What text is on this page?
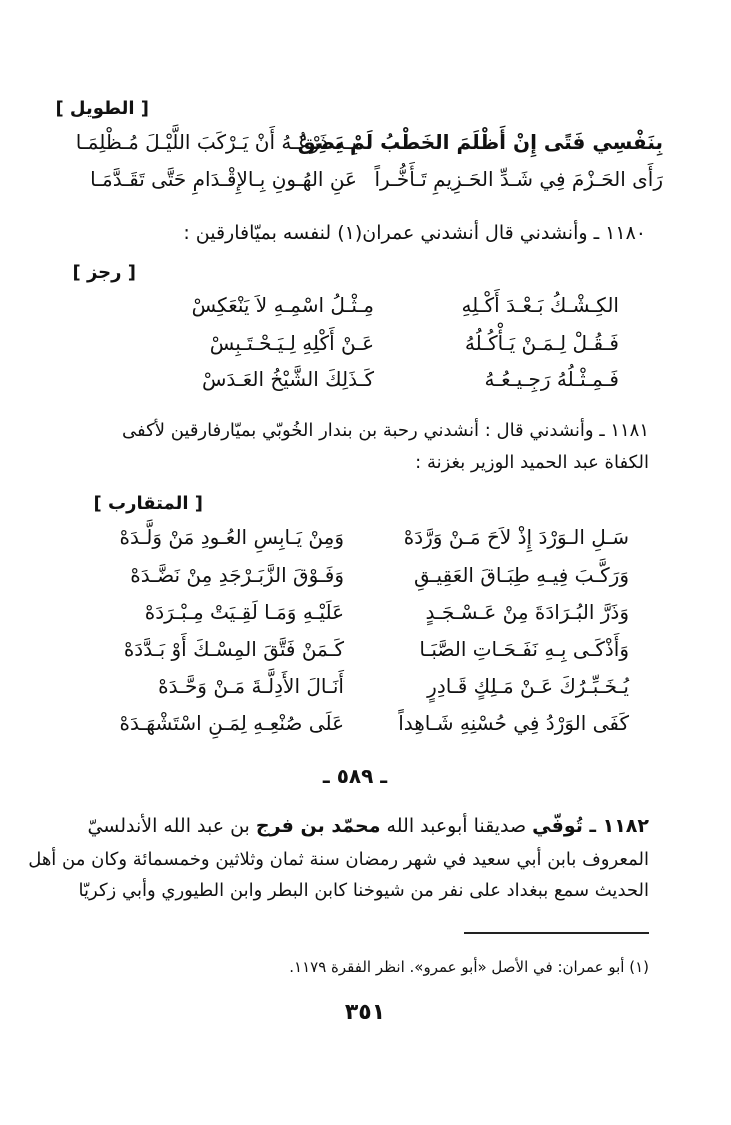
[ الطويل ]
بِنَفْسِي فَتًى إِنْ أَظْلَمَ الخَطْبُ لَمْ يَضِقْ
بِـهِ ذَرْعُـهُ أَنْ يَـرْكَبَ اللَّيْـلَ مُـظْلِمَـا
رَأَى الحَـزْمَ فِي شَـدِّ الحَـزِيمِ تَـأَخُّـراً
عَنِ الهُـونِ بِـالإِقْـدَامِ حَتَّى تَقَـدَّمَـا
١١٨٠ ـ وأنشدني قال أنشدني عمران(١) لنفسه بميّافارقين :
[ رجز ]
الكِـشْـكُ بَـعْـدَ أَكْـلِهِ
مِـثْـلُ اسْمِـهِ لاَ يَنْعَكِسْ
فَـقُـلْ لِـمَـنْ يَـأْكُـلُهُ
عَـنْ أَكْلِهِ لِـيَـحْـتَـبِسْ
فَـمِـثْـلُهُ رَجِـيـعُـهُ
كَـذَلِكَ الشَّيْخُ العَـدَسْ
١١٨١ ـ وأنشدني قال : أنشدني رحبة بن بندار الخُوبّي بميّارفارقين لأكفى
الكفاة عبد الحميد الوزير بغزنة :
[ المتقارب ]
سَـلِ الـوَرْدَ إِذْ لاَحَ مَـنْ وَرَّدَهْ
وَمِنْ يَـابِسِ العُـودِ مَنْ وَلَّـدَهْ
وَرَكَّـبَ فِيـهِ طِبَـاقَ العَقِيـقِ
وَفَـوْقَ الزَّبَـرْجَدِ مِنْ نَضَّـدَهْ
وَذَرَّ البُـرَادَةَ مِنْ عَـسْـجَـدٍ
عَلَيْـهِ وَمَـا لَقِـيَتْ مِـبْـرَدَهْ
وَأَذْكَـى بِـهِ نَفَـحَـاتِ الصَّبَـا
كَـمَنْ فَتَّقَ المِسْـكَ أَوْ بَـدَّدَهْ
يُـخَـبِّـرُكَ عَـنْ مَـلِكٍ قَـادِرٍ
أَنَـالَ الأَدِلَّـةَ مَـنْ وَحَّـدَهْ
كَفَى الوَرْدُ فِي حُسْنِهِ شَـاهِداً
عَلَى صُنْعِـهِ لِمَـنِ اسْتَشْهَـدَهْ
ـ ٥٨٩ ـ
١١٨٢ ـ تُوفّي صديقنا أبوعبد الله محمّد بن فرج بن عبد الله الأندلسيّ
المعروف بابن أبي سعيد في شهر رمضان سنة ثمان وثلاثين وخمسمائة وكان من أهل
الحديث سمع ببغداد على نفر من شيوخنا كابن البطر وابن الطيوري وأبي زكريّا
(١) أبو عمران: في الأصل «أبو عمرو». انظر الفقرة ١١٧٩.
٣٥١
